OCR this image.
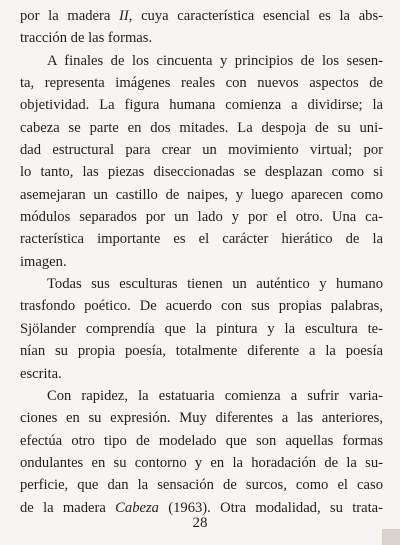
por la madera II, cuya característica esencial es la abs-
tracción de las formas.
A finales de los cincuenta y principios de los sesen-
ta, representa imágenes reales con nuevos aspectos de
objetividad. La figura humana comienza a dividirse; la
cabeza se parte en dos mitades. La despoja de su uni-
dad estructural para crear un movimiento virtual; por
lo tanto, las piezas diseccionadas se desplazan como si
asemejaran un castillo de naipes, y luego aparecen como
módulos separados por un lado y por el otro. Una ca-
racterística importante es el carácter hierático de la
imagen.
Todas sus esculturas tienen un auténtico y humano
trasfondo poético. De acuerdo con sus propias palabras,
Sjölander comprendía que la pintura y la escultura te-
nían su propia poesía, totalmente diferente a la poesía
escrita.
Con rapidez, la estatuaria comienza a sufrir varia-
ciones en su expresión. Muy diferentes a las anteriores,
efectúa otro tipo de modelado que son aquellas formas
ondulantes en su contorno y en la horadación de la su-
perficie, que dan la sensación de surcos, como el caso
de la madera Cabeza (1963). Otra modalidad, su trata-
28
